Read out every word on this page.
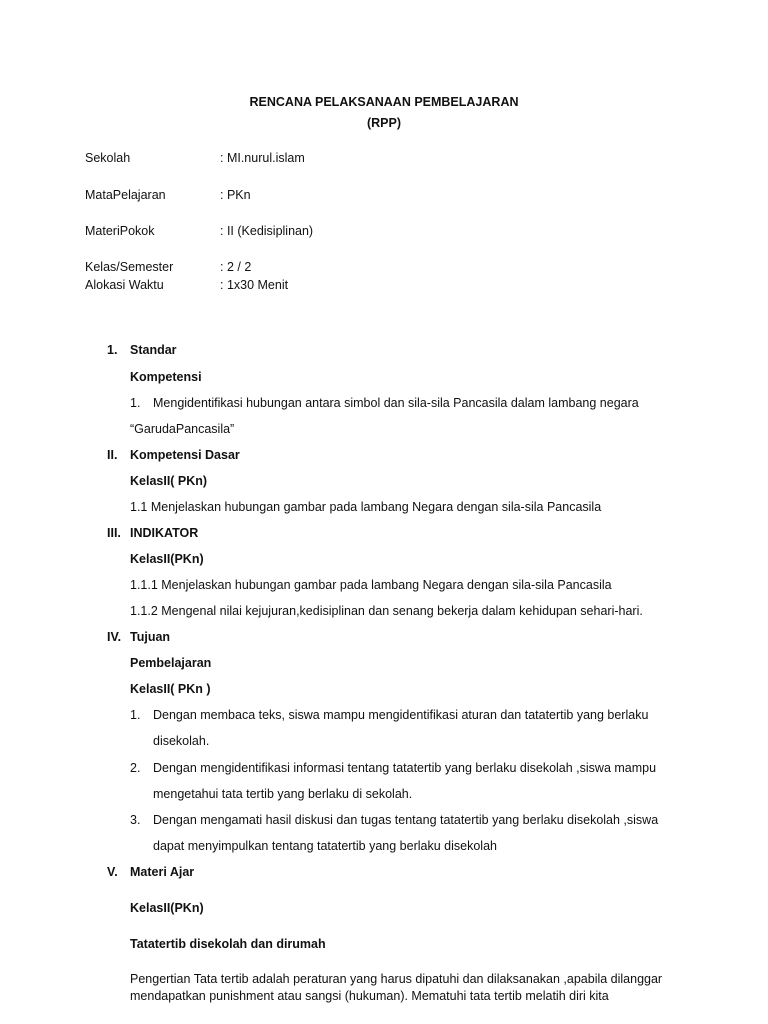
RENCANA PELAKSANAAN PEMBELAJARAN
(RPP)
Sekolah	: MI.nurul.islam
MataPelajaran	: PKn
MateriPokok	: II (Kedisiplinan)
Kelas/Semester	: 2 / 2
Alokasi Waktu	: 1x30 Menit
1. Standar
Kompetensi
1. Mengidentifikasi hubungan antara simbol dan sila-sila Pancasila dalam lambang negara
“GarudaPancasila”
II. Kompetensi Dasar
KelasII( PKn)
1.1 Menjelaskan hubungan gambar pada lambang Negara dengan sila-sila Pancasila
III. INDIKATOR
KelasII(PKn)
1.1.1 Menjelaskan hubungan gambar pada lambang Negara dengan sila-sila Pancasila
1.1.2 Mengenal nilai kejujuran,kedisiplinan dan senang bekerja dalam kehidupan sehari-hari.
IV. Tujuan
Pembelajaran
KelasII( PKn )
1. Dengan membaca teks, siswa mampu mengidentifikasi aturan dan tatatertib yang berlaku
disekolah.
2. Dengan mengidentifikasi informasi tentang tatatertib yang berlaku disekolah ,siswa mampu
mengetahui tata tertib yang berlaku di sekolah.
3. Dengan mengamati hasil diskusi dan tugas tentang tatatertib yang berlaku disekolah ,siswa
dapat menyimpulkan tentang tatatertib yang berlaku disekolah
V. Materi Ajar
KelasII(PKn)
Tatatertib disekolah dan dirumah
Pengertian Tata tertib adalah peraturan yang harus dipatuhi dan dilaksanakan ,apabila dilanggar
mendapatkan punishment atau sangsi (hukuman). Mematuhi tata tertib melatih diri kita
